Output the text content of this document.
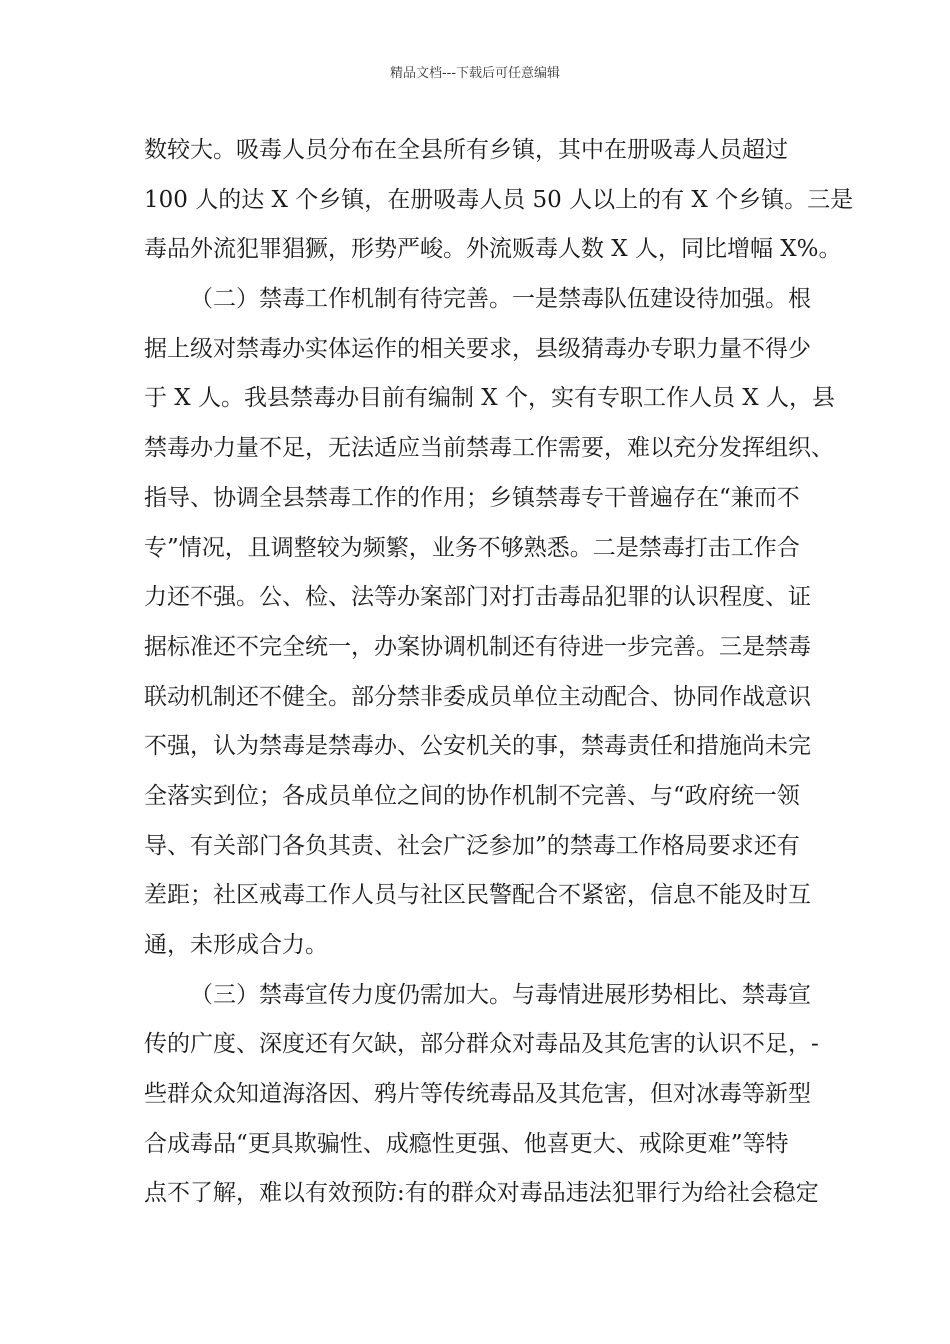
精品文档---下载后可任意编辑
数较大。吸毒人员分布在全县所有乡镇，其中在册吸毒人员超过
100 人的达 X 个乡镇，在册吸毒人员 50 人以上的有 X 个乡镇。三是
毒品外流犯罪猖獗，形势严峻。外流贩毒人数 X 人，同比增幅 X%。
（二）禁毒工作机制有待完善。一是禁毒队伍建设待加强。根
据上级对禁毒办实体运作的相关要求，县级猜毒办专职力量不得少
于 X 人。我县禁毒办目前有编制 X 个，实有专职工作人员 X 人，县
禁毒办力量不足，无法适应当前禁毒工作需要，难以充分发挥组织、
指导、协调全县禁毒工作的作用；乡镇禁毒专干普遍存在“兼而不
专”情况，且调整较为频繁，业务不够熟悉。二是禁毒打击工作合
力还不强。公、检、法等办案部门对打击毒品犯罪的认识程度、证
据标准还不完全统一，办案协调机制还有待进一步完善。三是禁毒
联动机制还不健全。部分禁非委成员单位主动配合、协同作战意识
不强，认为禁毒是禁毒办、公安机关的事，禁毒责任和措施尚未完
全落实到位；各成员单位之间的协作机制不完善、与“政府统一领
导、有关部门各负其责、社会广泛参加”的禁毒工作格局要求还有
差距；社区戒毒工作人员与社区民警配合不紧密，信息不能及时互
通，未形成合力。
（三）禁毒宣传力度仍需加大。与毒情进展形势相比、禁毒宣
传的广度、深度还有欠缺，部分群众对毒品及其危害的认识不足，-
些群众众知道海洛因、鸦片等传统毒品及其危害，但对冰毒等新型
合成毒品“更具欺骗性、成瘾性更强、他喜更大、戒除更难”等特
点不了解，难以有效预防:有的群众对毒品违法犯罪行为给社会稳定
